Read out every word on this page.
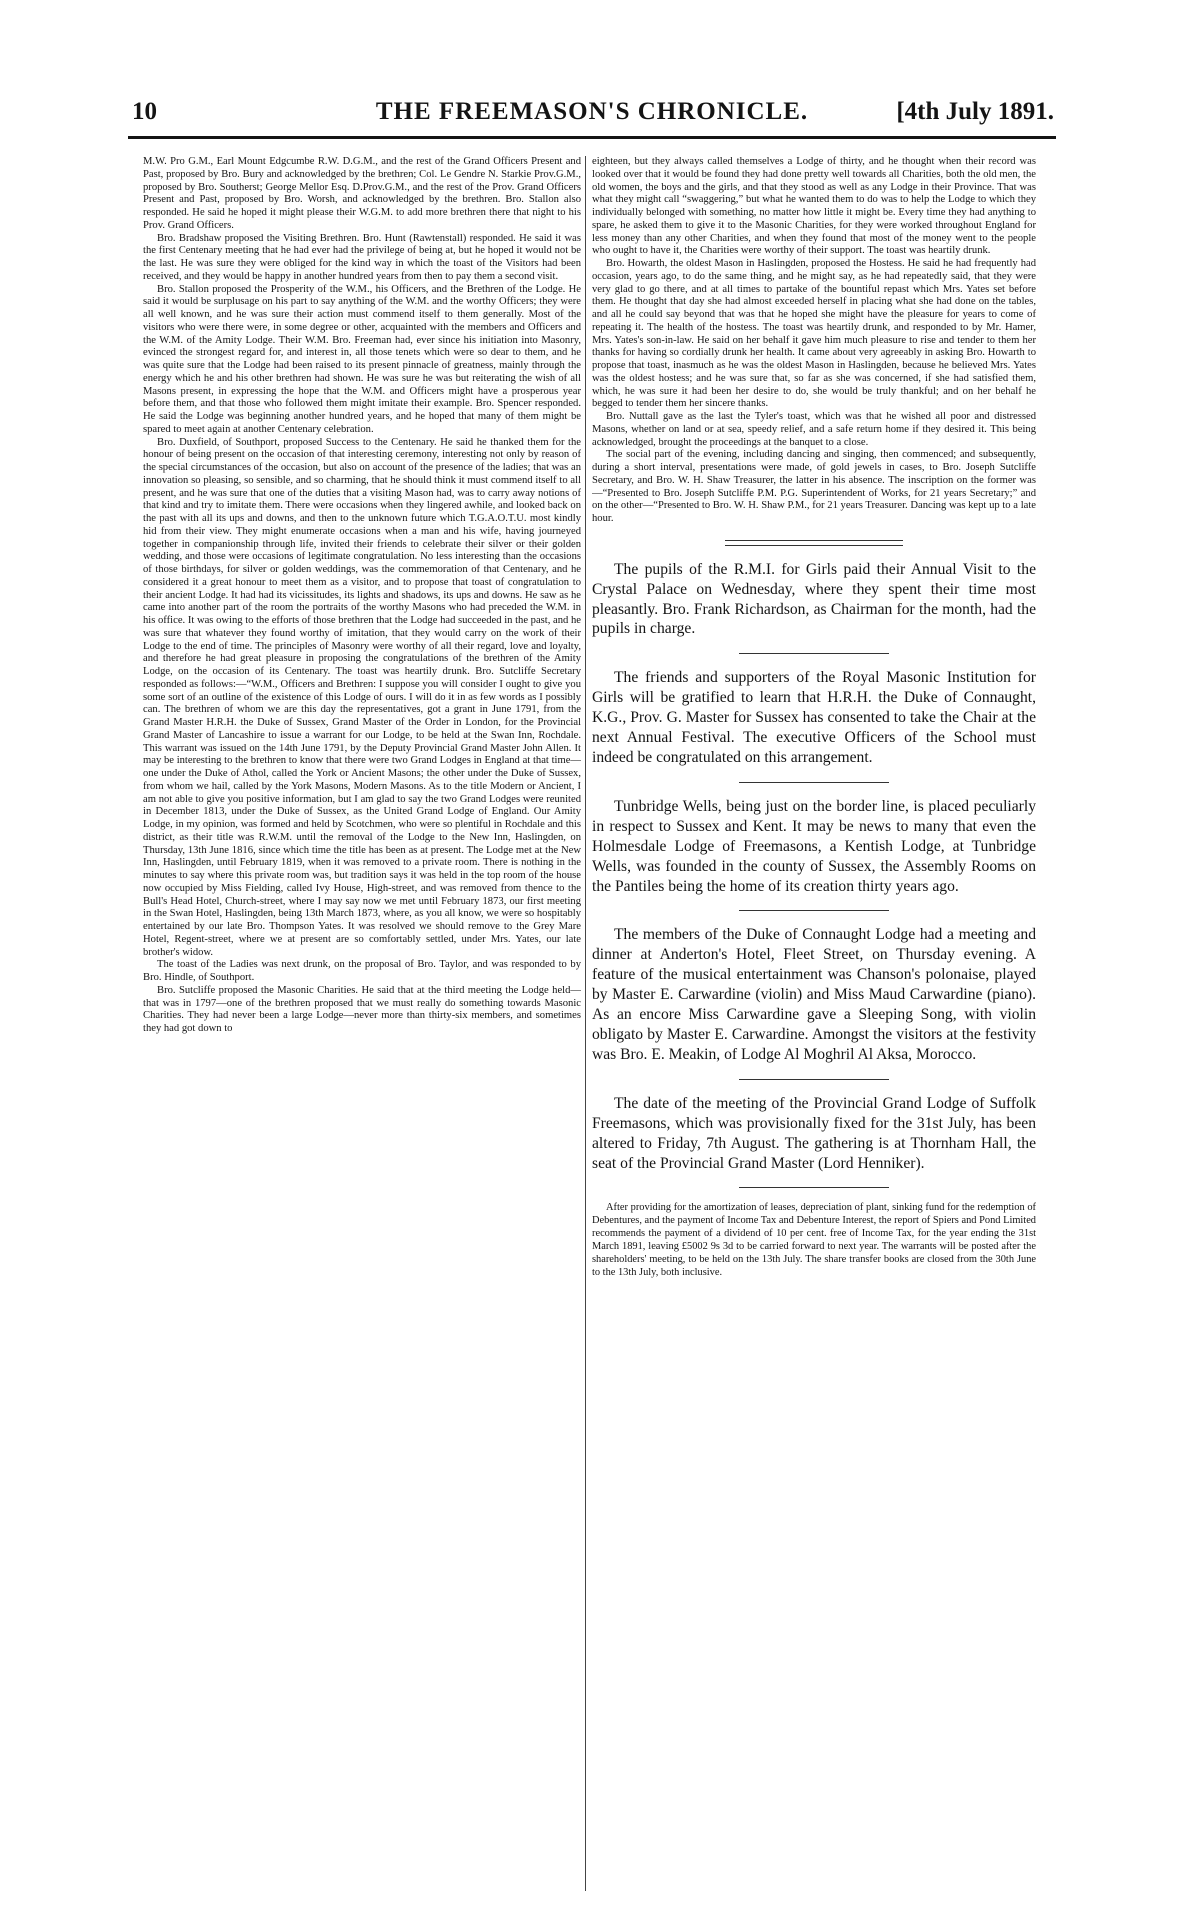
10	THE FREEMASON'S CHRONICLE.	[4th July 1891.

M.W. Pro G.M., Earl Mount Edgcumbe R.W. D.G.M., and the rest of the Grand Officers Present and Past, proposed by Bro. Bury and acknowledged by the brethren; Col. Le Gendre N. Starkie Prov.G.M., proposed by Bro. Southerst; George Mellor Esq. D.Prov.G.M., and the rest of the Prov. Grand Officers Present and Past, proposed by Bro. Worsh, and acknowledged by the brethren. Bro. Stallon also responded. He said he hoped it might please their W.G.M. to add more brethren there that night to his Prov. Grand Officers.

Bro. Bradshaw proposed the Visiting Brethren. Bro. Hunt (Rawtenstall) responded. He said it was the first Centenary meeting that he had ever had the privilege of being at, but he hoped it would not be the last. He was sure they were obliged for the kind way in which the toast of the Visitors had been received, and they would be happy in another hundred years from then to pay them a second visit.

Bro. Stallon proposed the Prosperity of the W.M., his Officers, and the Brethren of the Lodge. He said it would be surplusage on his part to say anything of the W.M. and the worthy Officers; they were all well known, and he was sure their action must commend itself to them generally. Most of the visitors who were there were, in some degree or other, acquainted with the members and Officers and the W.M. of the Amity Lodge. Their W.M. Bro. Freeman had, ever since his initiation into Masonry, evinced the strongest regard for, and interest in, all those tenets which were so dear to them, and he was quite sure that the Lodge had been raised to its present pinnacle of greatness, mainly through the energy which he and his other brethren had shown. He was sure he was but reiterating the wish of all Masons present, in expressing the hope that the W.M. and Officers might have a prosperous year before them, and that those who followed them might imitate their example. Bro. Spencer responded. He said the Lodge was beginning another hundred years, and he hoped that many of them might be spared to meet again at another Centenary celebration.

Bro. Duxfield, of Southport, proposed Success to the Centenary. He said he thanked them for the honour of being present on the occasion of that interesting ceremony, interesting not only by reason of the special circumstances of the occasion, but also on account of the presence of the ladies; that was an innovation so pleasing, so sensible, and so charming, that he should think it must commend itself to all present, and he was sure that one of the duties that a visiting Mason had, was to carry away notions of that kind and try to imitate them. There were occasions when they lingered awhile, and looked back on the past with all its ups and downs, and then to the unknown future which T.G.A.O.T.U. most kindly hid from their view. They might enumerate occasions when a man and his wife, having journeyed together in companionship through life, invited their friends to celebrate their silver or their golden wedding, and those were occasions of legitimate congratulation. No less interesting than the occasions of those birthdays, for silver or golden weddings, was the commemoration of that Centenary, and he considered it a great honour to meet them as a visitor, and to propose that toast of congratulation to their ancient Lodge. It had had its vicissitudes, its lights and shadows, its ups and downs. He saw as he came into another part of the room the portraits of the worthy Masons who had preceded the W.M. in his office. It was owing to the efforts of those brethren that the Lodge had succeeded in the past, and he was sure that whatever they found worthy of imitation, that they would carry on the work of their Lodge to the end of time. The principles of Masonry were worthy of all their regard, love and loyalty, and therefore he had great pleasure in proposing the congratulations of the brethren of the Amity Lodge, on the occasion of its Centenary. The toast was heartily drunk. Bro. Sutcliffe Secretary responded as follows:—“W.M., Officers and Brethren: I suppose you will consider I ought to give you some sort of an outline of the existence of this Lodge of ours. I will do it in as few words as I possibly can. The brethren of whom we are this day the representatives, got a grant in June 1791, from the Grand Master H.R.H. the Duke of Sussex, Grand Master of the Order in London, for the Provincial Grand Master of Lancashire to issue a warrant for our Lodge, to be held at the Swan Inn, Rochdale. This warrant was issued on the 14th June 1791, by the Deputy Provincial Grand Master John Allen. It may be interesting to the brethren to know that there were two Grand Lodges in England at that time—one under the Duke of Athol, called the York or Ancient Masons; the other under the Duke of Sussex, from whom we hail, called by the York Masons, Modern Masons. As to the title Modern or Ancient, I am not able to give you positive information, but I am glad to say the two Grand Lodges were reunited in December 1813, under the Duke of Sussex, as the United Grand Lodge of England. Our Amity Lodge, in my opinion, was formed and held by Scotchmen, who were so plentiful in Rochdale and this district, as their title was R.W.M. until the removal of the Lodge to the New Inn, Haslingden, on Thursday, 13th June 1816, since which time the title has been as at present. The Lodge met at the New Inn, Haslingden, until February 1819, when it was removed to a private room. There is nothing in the minutes to say where this private room was, but tradition says it was held in the top room of the house now occupied by Miss Fielding, called Ivy House, High-street, and was removed from thence to the Bull's Head Hotel, Church-street, where I may say now we met until February 1873, our first meeting in the Swan Hotel, Haslingden, being 13th March 1873, where, as you all know, we were so hospitably entertained by our late Bro. Thompson Yates. It was resolved we should remove to the Grey Mare Hotel, Regent-street, where we at present are so comfortably settled, under Mrs. Yates, our late brother's widow.

The toast of the Ladies was next drunk, on the proposal of Bro. Taylor, and was responded to by Bro. Hindle, of Southport.

Bro. Sutcliffe proposed the Masonic Charities. He said that at the third meeting the Lodge held—that was in 1797—one of the brethren proposed that we must really do something towards Masonic Charities. They had never been a large Lodge—never more than thirty-six members, and sometimes they had got down to

eighteen, but they always called themselves a Lodge of thirty, and he thought when their record was looked over that it would be found they had done pretty well towards all Charities, both the old men, the old women, the boys and the girls, and that they stood as well as any Lodge in their Province. That was what they might call “swaggering,” but what he wanted them to do was to help the Lodge to which they individually belonged with something, no matter how little it might be. Every time they had anything to spare, he asked them to give it to the Masonic Charities, for they were worked throughout England for less money than any other Charities, and when they found that most of the money went to the people who ought to have it, the Charities were worthy of their support. The toast was heartily drunk.

Bro. Howarth, the oldest Mason in Haslingden, proposed the Hostess. He said he had frequently had occasion, years ago, to do the same thing, and he might say, as he had repeatedly said, that they were very glad to go there, and at all times to partake of the bountiful repast which Mrs. Yates set before them. He thought that day she had almost exceeded herself in placing what she had done on the tables, and all he could say beyond that was that he hoped she might have the pleasure for years to come of repeating it. The health of the hostess. The toast was heartily drunk, and responded to by Mr. Hamer, Mrs. Yates's son-in-law. He said on her behalf it gave him much pleasure to rise and tender to them her thanks for having so cordially drunk her health. It came about very agreeably in asking Bro. Howarth to propose that toast, inasmuch as he was the oldest Mason in Haslingden, because he believed Mrs. Yates was the oldest hostess; and he was sure that, so far as she was concerned, if she had satisfied them, which, he was sure it had been her desire to do, she would be truly thankful; and on her behalf he begged to tender them her sincere thanks.

Bro. Nuttall gave as the last the Tyler's toast, which was that he wished all poor and distressed Masons, whether on land or at sea, speedy relief, and a safe return home if they desired it. This being acknowledged, brought the proceedings at the banquet to a close.

The social part of the evening, including dancing and singing, then commenced; and subsequently, during a short interval, presentations were made, of gold jewels in cases, to Bro. Joseph Sutcliffe Secretary, and Bro. W. H. Shaw Treasurer, the latter in his absence. The inscription on the former was—“Presented to Bro. Joseph Sutcliffe P.M. P.G. Superintendent of Works, for 21 years Secretary;” and on the other—“Presented to Bro. W. H. Shaw P.M., for 21 years Treasurer. Dancing was kept up to a late hour.

The pupils of the R.M.I. for Girls paid their Annual Visit to the Crystal Palace on Wednesday, where they spent their time most pleasantly. Bro. Frank Richardson, as Chairman for the month, had the pupils in charge.

The friends and supporters of the Royal Masonic Institution for Girls will be gratified to learn that H.R.H. the Duke of Connaught, K.G., Prov. G. Master for Sussex has consented to take the Chair at the next Annual Festival. The executive Officers of the School must indeed be congratulated on this arrangement.

Tunbridge Wells, being just on the border line, is placed peculiarly in respect to Sussex and Kent. It may be news to many that even the Holmesdale Lodge of Freemasons, a Kentish Lodge, at Tunbridge Wells, was founded in the county of Sussex, the Assembly Rooms on the Pantiles being the home of its creation thirty years ago.

The members of the Duke of Connaught Lodge had a meeting and dinner at Anderton's Hotel, Fleet Street, on Thursday evening. A feature of the musical entertainment was Chanson's polonaise, played by Master E. Carwardine (violin) and Miss Maud Carwardine (piano). As an encore Miss Carwardine gave a Sleeping Song, with violin obligato by Master E. Carwardine. Amongst the visitors at the festivity was Bro. E. Meakin, of Lodge Al Moghril Al Aksa, Morocco.

The date of the meeting of the Provincial Grand Lodge of Suffolk Freemasons, which was provisionally fixed for the 31st July, has been altered to Friday, 7th August. The gathering is at Thornham Hall, the seat of the Provincial Grand Master (Lord Henniker).

After providing for the amortization of leases, depreciation of plant, sinking fund for the redemption of Debentures, and the payment of Income Tax and Debenture Interest, the report of Spiers and Pond Limited recommends the payment of a dividend of 10 per cent. free of Income Tax, for the year ending the 31st March 1891, leaving £5002 9s 3d to be carried forward to next year. The warrants will be posted after the shareholders' meeting, to be held on the 13th July. The share transfer books are closed from the 30th June to the 13th July, both inclusive.
